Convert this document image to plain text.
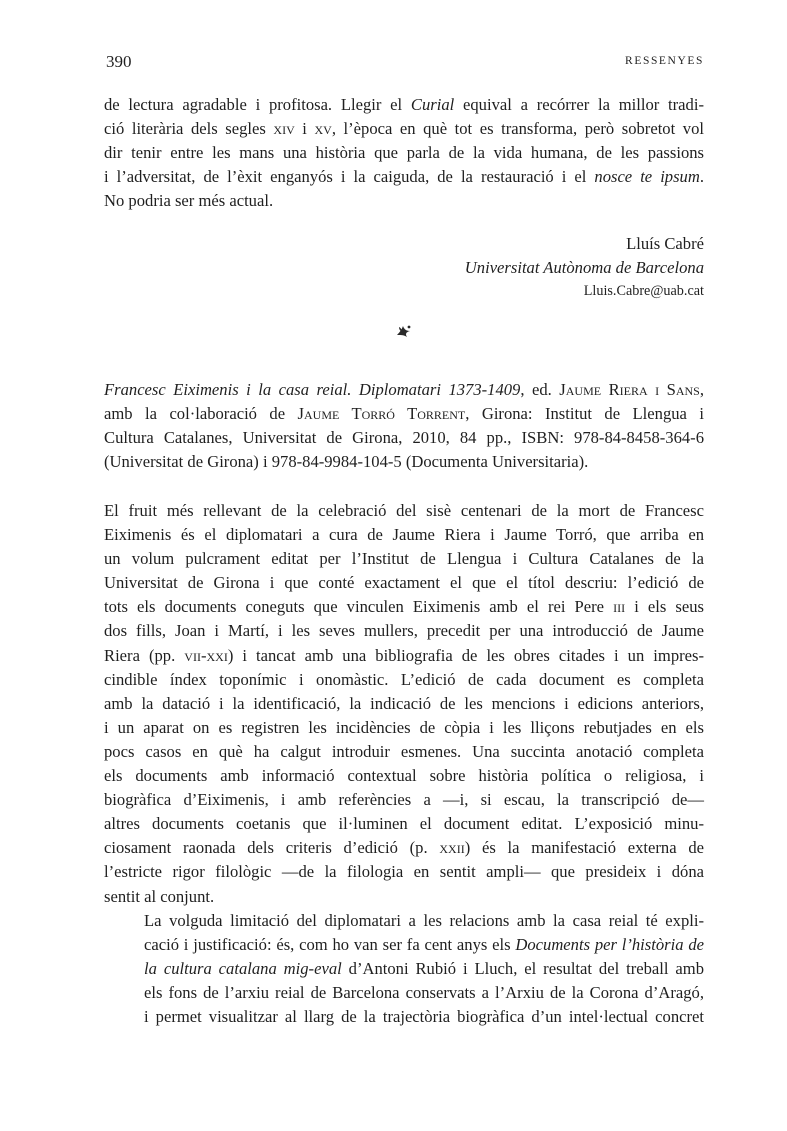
390	RESSENYES

de lectura agradable i profitosa. Llegir el Curial equival a recórrer la millor tradi-
ció literària dels segles xiv i xv, l’època en què tot es transforma, però sobretot vol
dir tenir entre les mans una història que parla de la vida humana, de les passions
i l’adversitat, de l’èxit enganyós i la caiguda, de la restauració i el nosce te ipsum.
No podria ser més actual.

Lluís Cabré
Universitat Autònoma de Barcelona
Lluis.Cabre@uab.cat

Francesc Eiximenis i la casa reial. Diplomatari 1373-1409, ed. Jaume Riera i Sans,
amb la col·laboració de Jaume Torró Torrent, Girona: Institut de Llengua i
Cultura Catalanes, Universitat de Girona, 2010, 84 pp., ISBN: 978-84-8458-364-6
(Universitat de Girona) i 978-84-9984-104-5 (Documenta Universitaria).

El fruit més rellevant de la celebració del sisè centenari de la mort de Francesc
Eiximenis és el diplomatari a cura de Jaume Riera i Jaume Torró, que arriba en
un volum pulcrament editat per l’Institut de Llengua i Cultura Catalanes de la
Universitat de Girona i que conté exactament el que el títol descriu: l’edició de
tots els documents coneguts que vinculen Eiximenis amb el rei Pere iii i els seus
dos fills, Joan i Martí, i les seves mullers, precedit per una introducció de Jaume
Riera (pp. vii-xxi) i tancat amb una bibliografia de les obres citades i un impres-
cindible índex toponímic i onomàstic. L’edició de cada document es completa
amb la datació i la identificació, la indicació de les mencions i edicions anteriors,
i un aparat on es registren les incidències de còpia i les lliçons rebutjades en els
pocs casos en què ha calgut introduir esmenes. Una succinta anotació completa
els documents amb informació contextual sobre història política o religiosa, i
biogràfica d’Eiximenis, i amb referències a —i, si escau, la transcripció de—
altres documents coetanis que il·luminen el document editat. L’exposició minu-
ciosament raonada dels criteris d’edició (p. xxii) és la manifestació externa de
l’estricte rigor filològic —de la filologia en sentit ampli— que presideix i dóna
sentit al conjunt.

La volguda limitació del diplomatari a les relacions amb la casa reial té expli-
cació i justificació: és, com ho van ser fa cent anys els Documents per l’història de
la cultura catalana mig-eval d’Antoni Rubió i Lluch, el resultat del treball amb
els fons de l’arxiu reial de Barcelona conservats a l’Arxiu de la Corona d’Aragó,
i permet visualitzar al llarg de la trajectòria biogràfica d’un intel·lectual concret
